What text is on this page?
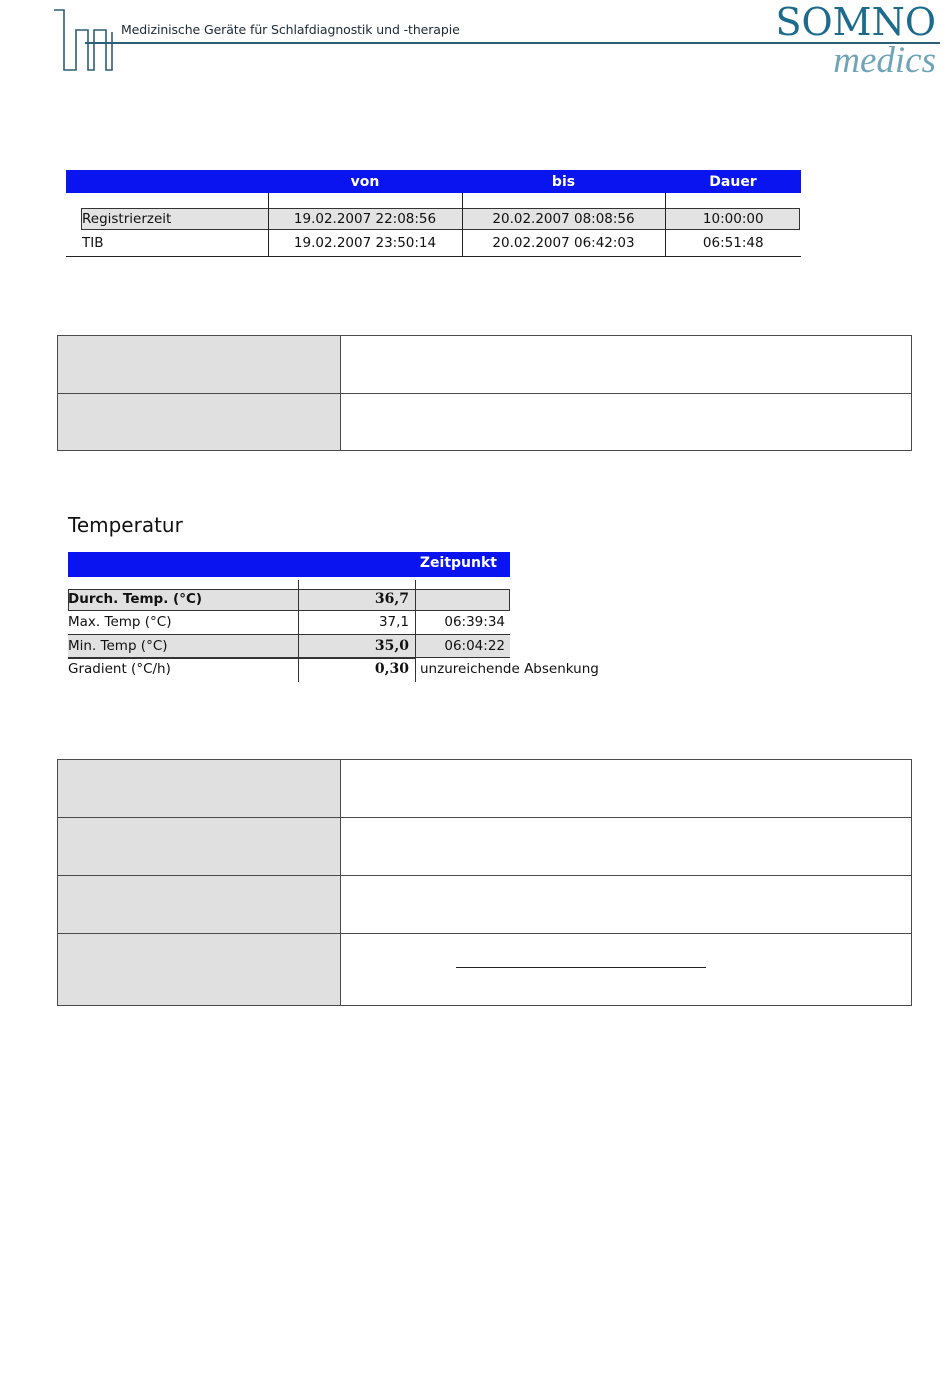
Medizinische Geräte für Schlafdiagnostik und -therapie	SOMNO
medics
	von	bis	Dauer

Registrierzeit	19.02.2007 22:08:56	20.02.2007 08:08:56	10:00:00
TIB	19.02.2007 23:50:14	20.02.2007 06:42:03	06:51:48
Temperatur
Zeitpunkt
Durch. Temp. (°C)	36,7
Max. Temp (°C)	37,1	06:39:34
Min. Temp (°C)	35,0	06:04:22
Gradient (°C/h)	0,30 unzureichende Absenkung
